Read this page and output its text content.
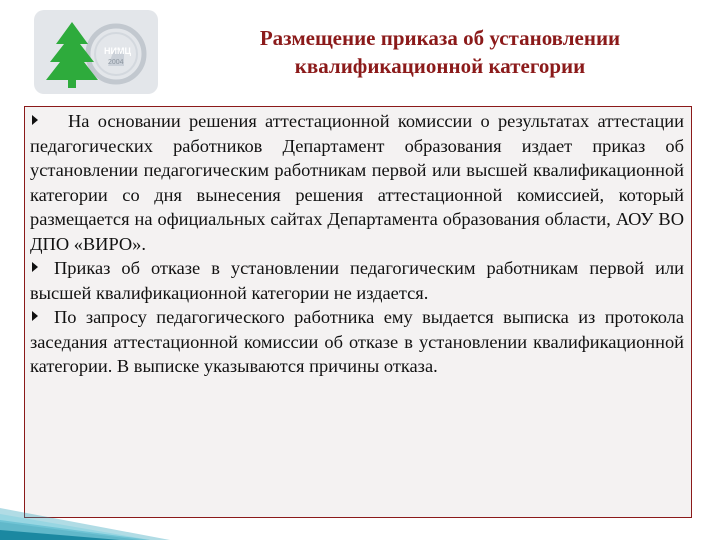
НИМЦ
2004
Размещение приказа об установлении
квалификационной категории

На основании решения аттестационной комиссии о результатах аттестации педагогических работников Департамент образования издает приказ об установлении педагогическим работникам первой или высшей квалификационной категории со дня вынесения решения аттестационной комиссией, который размещается на официальных сайтах Департамента образования области, АОУ ВО ДПО «ВИРО».

Приказ об отказе в установлении педагогическим работникам первой или высшей квалификационной категории не издается.

По запросу педагогического работника ему выдается выписка из протокола заседания аттестационной комиссии об отказе в установлении квалификационной категории. В выписке указываются причины отказа.
